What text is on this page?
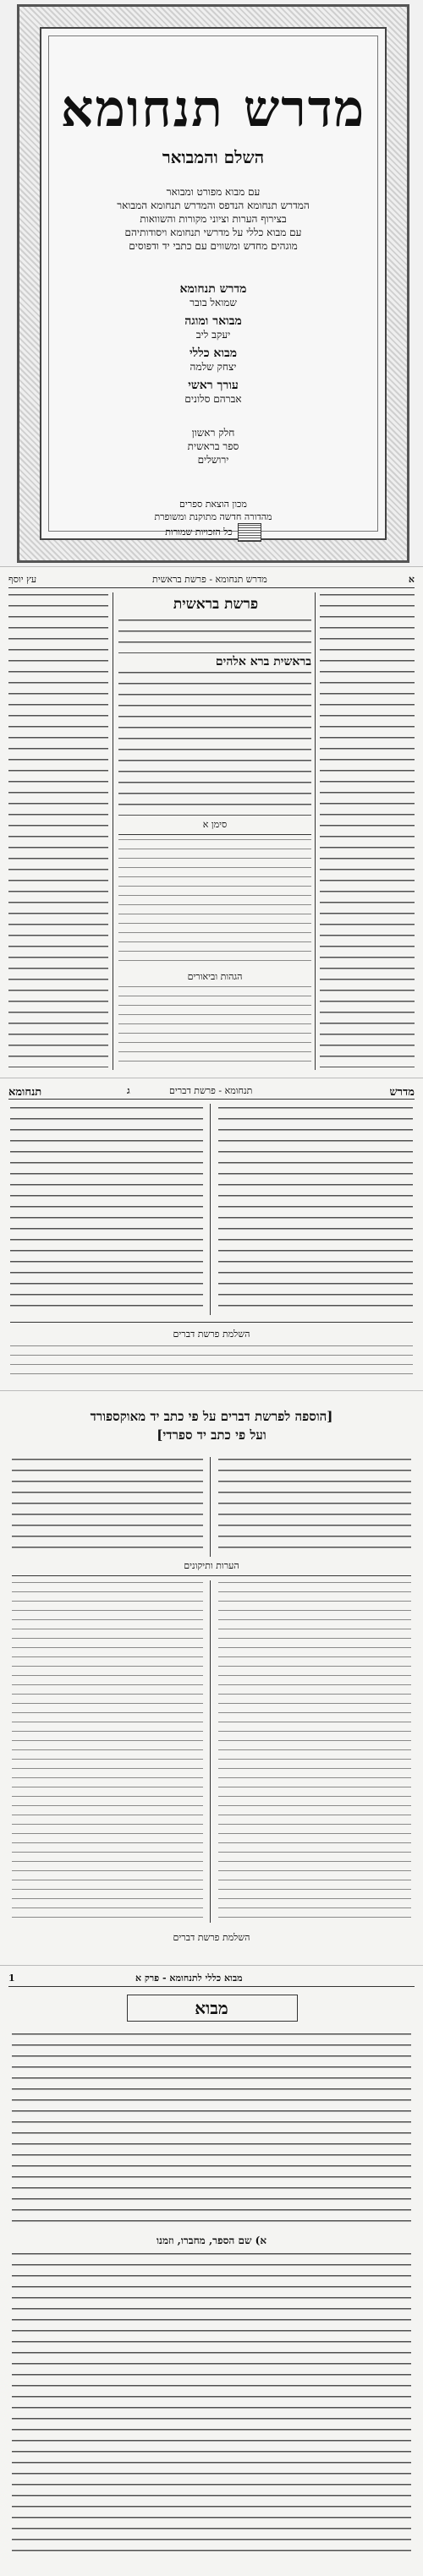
מדרש תנחומא
השלם והמבואר
עם מבוא מפורט ומבואר
המדרש תנחומא הנדפס והמדרש תנחומא המבואר
בצירוף הערות וציוני מקורות והשוואות
עם מבוא כללי על מדרשי תנחומא ויסודותיהם
מוגהים מחדש ומשווים עם כתבי יד ודפוסים
מדרש תנחומא
שמואל בובר
מבואר ומוגה
יעקב ליב
מבוא כללי
יצחק שלמה
עורך ראשי
אברהם סלונים
חלק ראשון
ספר בראשית
ירושלים
מכון הוצאת ספרים
מהדורה חדשה מתוקנת ומשופרת
כל הזכויות שמורות
עץ יוסף	מדרש תנחומא - פרשת בראשית	א
פרשת בראשית
בראשית ברא אלהים
סימן א
הגהות וביאורים
תנחומא	תנחומא - פרשת דברים
ג	מדרש
השלמת פרשת דברים
[הוספה לפרשת דברים על פי כתב יד מאוקספורד
ועל פי כתב יד ספרדי]
הערות ותיקונים
השלמת פרשת דברים
1	מבוא כללי לתנחומא - פרק א
מבוא
א) שם הספר, מחברו, וזמנו
